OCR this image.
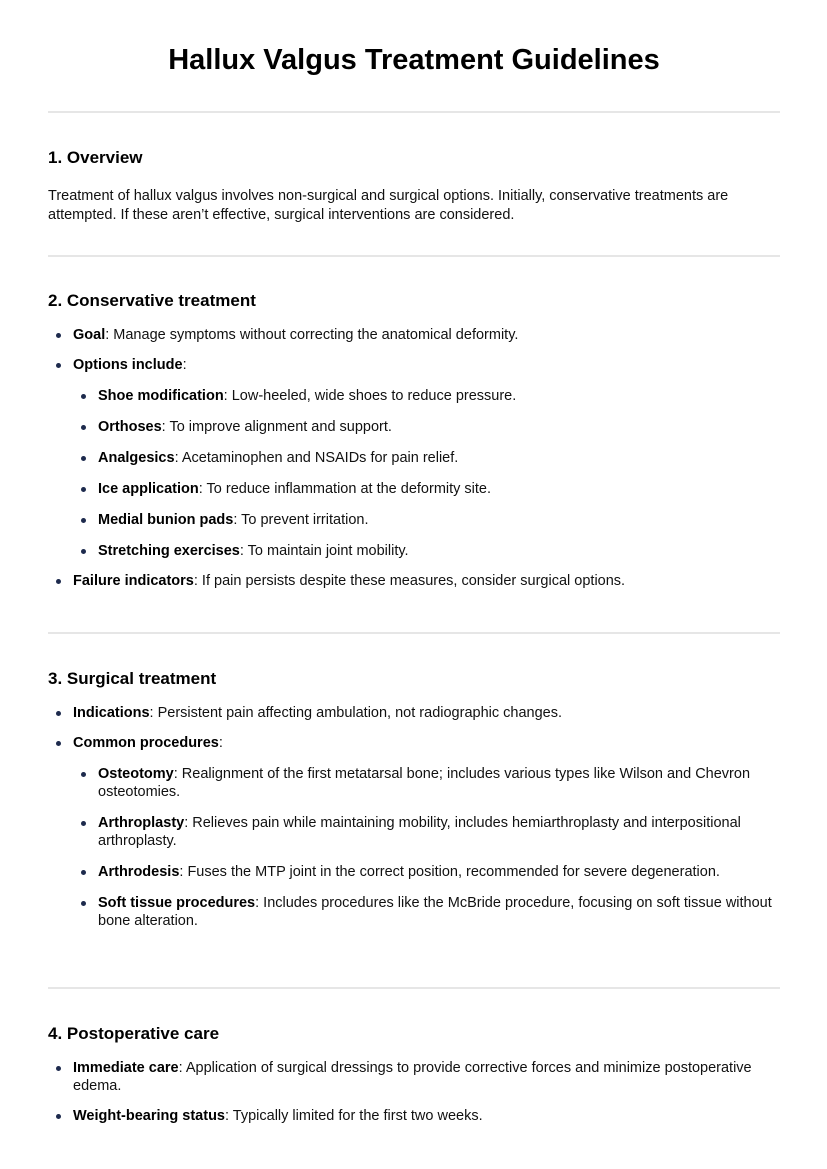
Hallux Valgus Treatment Guidelines
1. Overview

Treatment of hallux valgus involves non-surgical and surgical options. Initially, conservative treatments are attempted. If these aren’t effective, surgical interventions are considered.

2. Conservative treatment
Goal: Manage symptoms without correcting the anatomical deformity.
Options include:
Shoe modification: Low-heeled, wide shoes to reduce pressure.
Orthoses: To improve alignment and support.
Analgesics: Acetaminophen and NSAIDs for pain relief.
Ice application: To reduce inflammation at the deformity site.
Medial bunion pads: To prevent irritation.
Stretching exercises: To maintain joint mobility.
Failure indicators: If pain persists despite these measures, consider surgical options.
3. Surgical treatment
Indications: Persistent pain affecting ambulation, not radiographic changes.
Common procedures:
Osteotomy: Realignment of the first metatarsal bone; includes various types like Wilson and Chevron osteotomies.
Arthroplasty: Relieves pain while maintaining mobility, includes hemiarthroplasty and interpositional arthroplasty.
Arthrodesis: Fuses the MTP joint in the correct position, recommended for severe degeneration.
Soft tissue procedures: Includes procedures like the McBride procedure, focusing on soft tissue without bone alteration.
4. Postoperative care
Immediate care: Application of surgical dressings to provide corrective forces and minimize postoperative edema.
Weight-bearing status: Typically limited for the first two weeks.
